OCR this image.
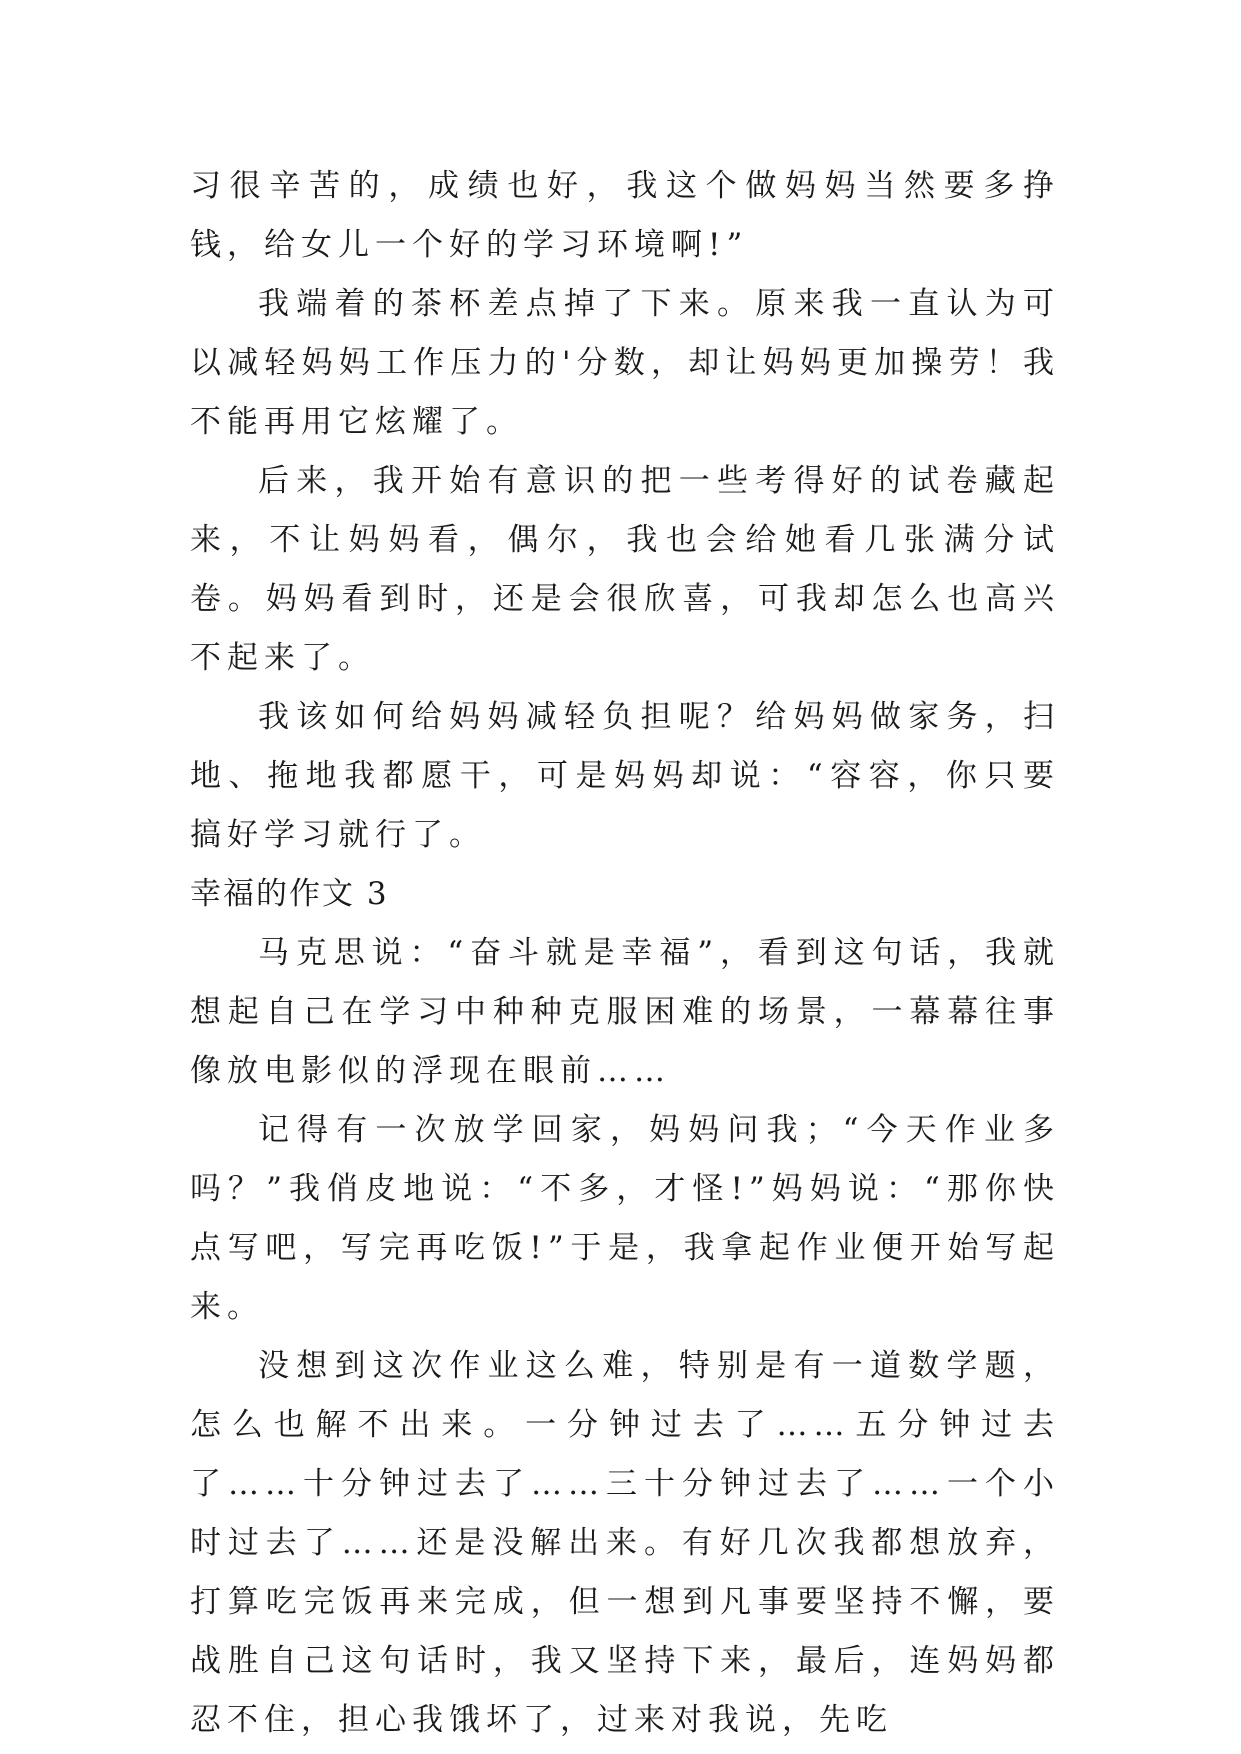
习很辛苦的，成绩也好，我这个做妈妈当然要多挣钱，给女儿一个好的学习环境啊!”

我端着的茶杯差点掉了下来。原来我一直认为可以减轻妈妈工作压力的'分数，却让妈妈更加操劳！我不能再用它炫耀了。

后来，我开始有意识的把一些考得好的试卷藏起来，不让妈妈看，偶尔，我也会给她看几张满分试卷。妈妈看到时，还是会很欣喜，可我却怎么也高兴不起来了。

我该如何给妈妈减轻负担呢？给妈妈做家务，扫地、拖地我都愿干，可是妈妈却说：“容容，你只要搞好学习就行了。

幸福的作文 3

马克思说：“奋斗就是幸福”，看到这句话，我就想起自己在学习中种种克服困难的场景，一幕幕往事像放电影似的浮现在眼前……

记得有一次放学回家，妈妈问我；“今天作业多吗？”我俏皮地说：“不多，才怪!”妈妈说：“那你快点写吧，写完再吃饭!”于是，我拿起作业便开始写起来。

没想到这次作业这么难，特别是有一道数学题，怎么也解不出来。一分钟过去了……五分钟过去了……十分钟过去了……三十分钟过去了……一个小时过去了……还是没解出来。有好几次我都想放弃，打算吃完饭再来完成，但一想到凡事要坚持不懈，要战胜自己这句话时，我又坚持下来，最后，连妈妈都忍不住，担心我饿坏了，过来对我说，先吃
